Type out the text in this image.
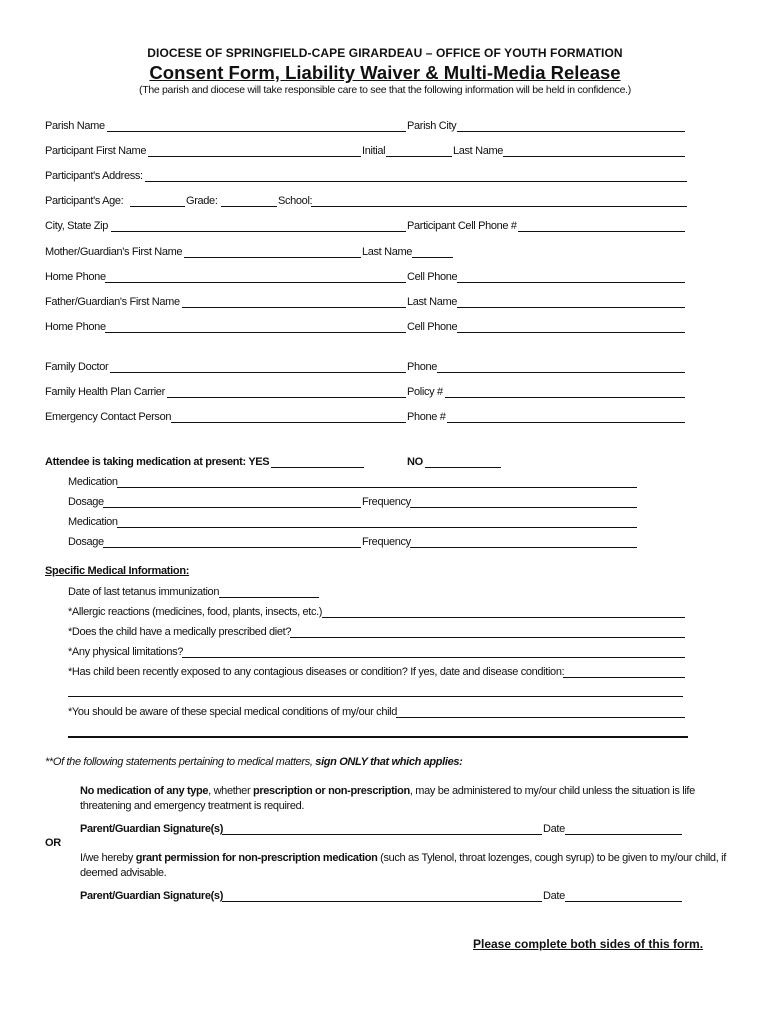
DIOCESE OF SPRINGFIELD-CAPE GIRARDEAU – OFFICE OF YOUTH FORMATION
Consent Form, Liability Waiver & Multi-Media Release
(The parish and diocese will take responsible care to see that the following information will be held in confidence.)
Parish Name	Parish City
Participant First Name	Initial	Last Name
Participant's Address:
Participant's Age:	Grade:	School:
City, State Zip	Participant Cell Phone #
Mother/Guardian's First Name	Last Name
Home Phone	Cell Phone
Father/Guardian's First Name	Last Name
Home Phone	Cell Phone
Family Doctor	Phone
Family Health Plan Carrier	Policy #
Emergency Contact Person	Phone #
Attendee is taking medication at present: YES	NO
Medication
Dosage	Frequency
Medication
Dosage	Frequency
Specific Medical Information:
Date of last tetanus immunization
*Allergic reactions (medicines, food, plants, insects, etc.)
*Does the child have a medically prescribed diet?
*Any physical limitations?
*Has child been recently exposed to any contagious diseases or condition? If yes, date and disease condition:
*You should be aware of these special medical conditions of my/our child
**Of the following statements pertaining to medical matters, sign ONLY that which applies:
No medication of any type, whether prescription or non-prescription, may be administered to my/our child unless the situation is life threatening and emergency treatment is required.
Parent/Guardian Signature(s)	Date
OR
I/we hereby grant permission for non-prescription medication (such as Tylenol, throat lozenges, cough syrup) to be given to my/our child, if deemed advisable.
Parent/Guardian Signature(s)	Date
Please complete both sides of this form.
